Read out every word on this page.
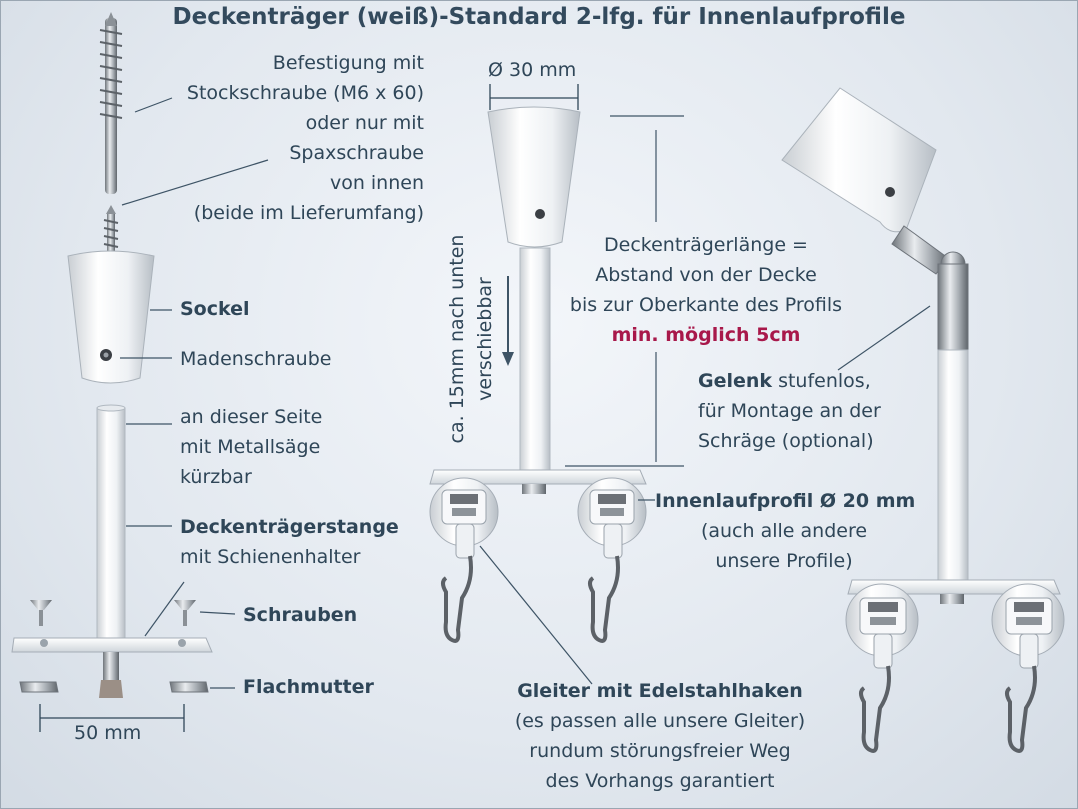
Deckenträger (weiß)-Standard 2-lfg. für Innenlaufprofile
Befestigung mit
Stockschraube (M6 x 60)
oder nur mit
Spaxschraube
von innen
(beide im Lieferumfang)
Sockel
Madenschraube
an dieser Seite
mit Metallsäge
kürzbar
Deckenträgerstange
mit Schienenhalter
Schrauben
Flachmutter
50 mm
Ø 30 mm
ca. 15mm nach unten verschiebbar
Deckenträgerlänge =
Abstand von der Decke
bis zur Oberkante des Profils
min. möglich 5cm
Innenlaufprofil Ø 20 mm
(auch alle andere
unsere Profile)
Gleiter mit Edelstahlhaken
(es passen alle unsere Gleiter)
rundum störungsfreier Weg
des Vorhangs garantiert
Gelenk stufenlos,
für Montage an der
Schräge (optional)
